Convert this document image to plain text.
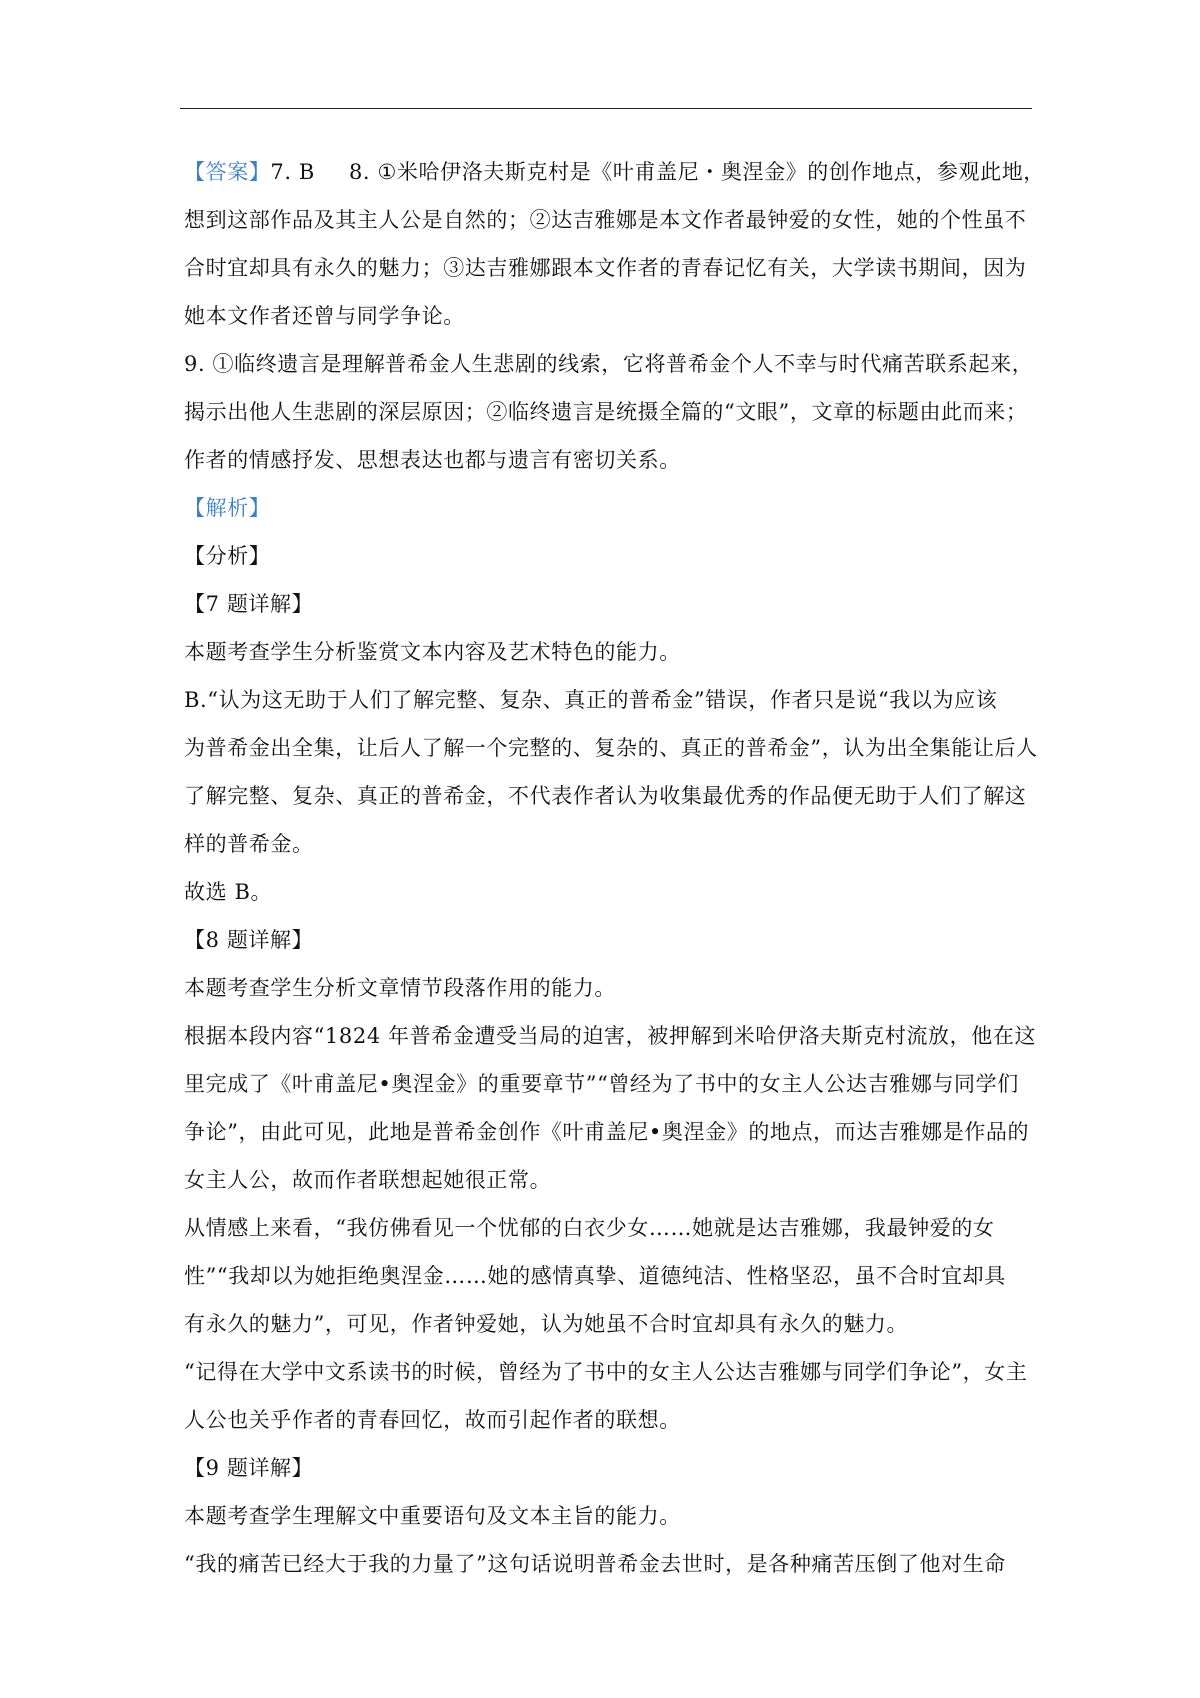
【答案】7. B 8. ①米哈伊洛夫斯克村是《叶甫盖尼・奥涅金》的创作地点，参观此地，
想到这部作品及其主人公是自然的；②达吉雅娜是本文作者最钟爱的女性，她的个性虽不
合时宜却具有永久的魅力；③达吉雅娜跟本文作者的青春记忆有关，大学读书期间，因为
她本文作者还曾与同学争论。
9. ①临终遗言是理解普希金人生悲剧的线索，它将普希金个人不幸与时代痛苦联系起来，
揭示出他人生悲剧的深层原因；②临终遗言是统摄全篇的“文眼”，文章的标题由此而来；
作者的情感抒发、思想表达也都与遗言有密切关系。
【解析】
【分析】
【7 题详解】
本题考查学生分析鉴赏文本内容及艺术特色的能力。
B.“认为这无助于人们了解完整、复杂、真正的普希金”错误，作者只是说“我以为应该
为普希金出全集，让后人了解一个完整的、复杂的、真正的普希金”，认为出全集能让后人
了解完整、复杂、真正的普希金，不代表作者认为收集最优秀的作品便无助于人们了解这
样的普希金。
故选 B。
【8 题详解】
本题考查学生分析文章情节段落作用的能力。
根据本段内容“1824 年普希金遭受当局的迫害，被押解到米哈伊洛夫斯克村流放，他在这
里完成了《叶甫盖尼•奥涅金》的重要章节”“曾经为了书中的女主人公达吉雅娜与同学们
争论”，由此可见，此地是普希金创作《叶甫盖尼•奥涅金》的地点，而达吉雅娜是作品的
女主人公，故而作者联想起她很正常。
从情感上来看，“我仿佛看见一个忧郁的白衣少女……她就是达吉雅娜，我最钟爱的女
性”“我却以为她拒绝奥涅金……她的感情真挚、道德纯洁、性格坚忍，虽不合时宜却具
有永久的魅力”，可见，作者钟爱她，认为她虽不合时宜却具有永久的魅力。
“记得在大学中文系读书的时候，曾经为了书中的女主人公达吉雅娜与同学们争论”，女主
人公也关乎作者的青春回忆，故而引起作者的联想。
【9 题详解】
本题考查学生理解文中重要语句及文本主旨的能力。
“我的痛苦已经大于我的力量了”这句话说明普希金去世时，是各种痛苦压倒了他对生命
